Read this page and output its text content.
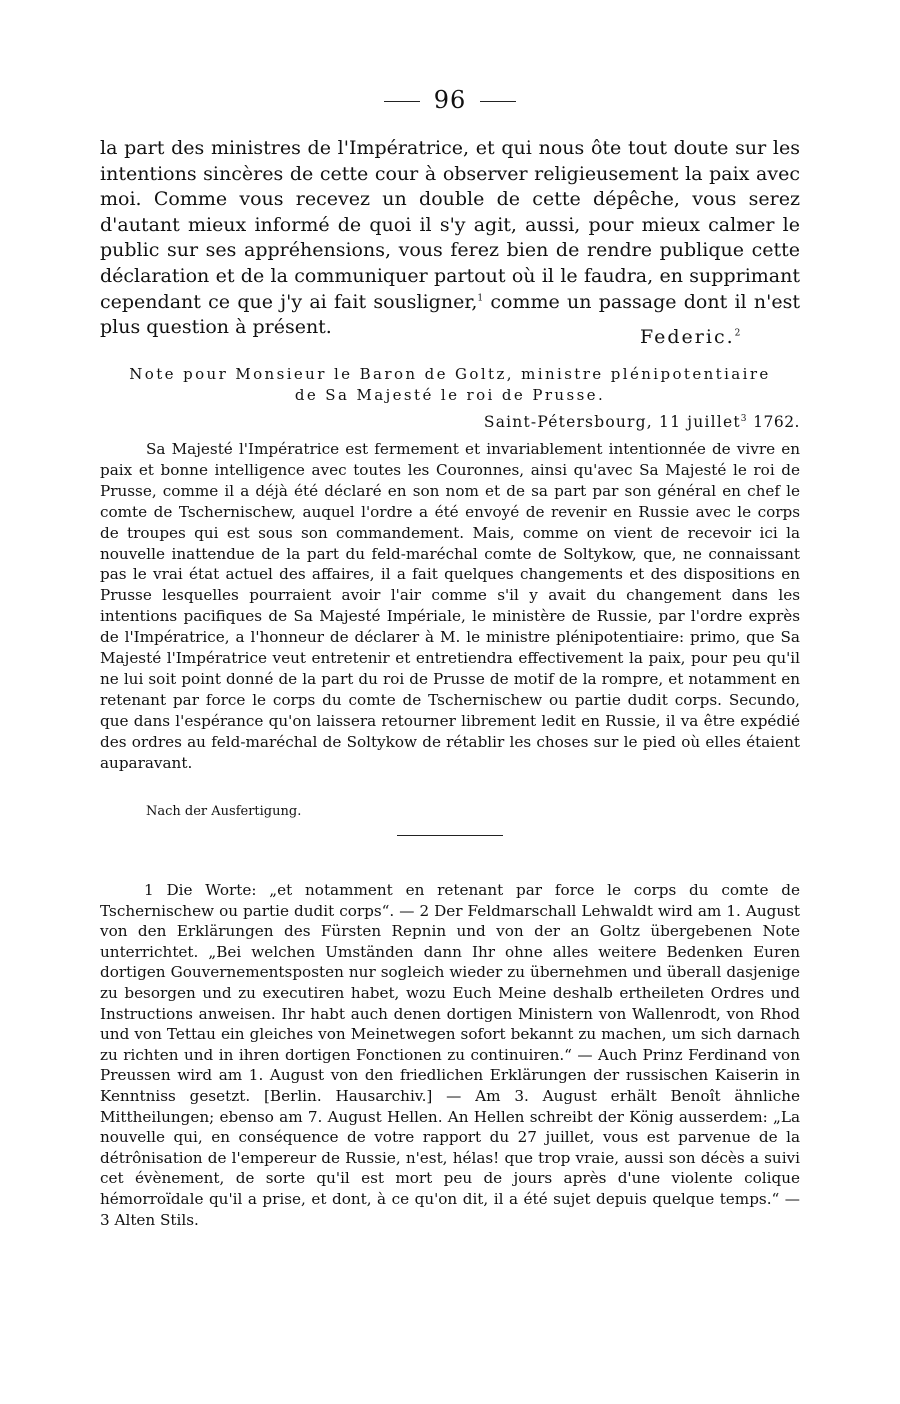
96

la part des ministres de l'Impératrice, et qui nous ôte tout doute sur les intentions sincères de cette cour à observer religieusement la paix avec moi. Comme vous recevez un double de cette dépêche, vous serez d'autant mieux informé de quoi il s'y agit, aussi, pour mieux calmer le public sur ses appréhensions, vous ferez bien de rendre publique cette déclaration et de la communiquer partout où il le faudra, en supprimant cependant ce que j'y ai fait sousligner,$^1$ comme un passage dont il n'est plus question à présent.	Federic.$^2$
Note pour Monsieur le Baron de Goltz, ministre plénipotentiaire
de Sa Majesté le roi de Prusse.
Saint-Pétersbourg, 11 juillet$^3$ 1762.

Sa Majesté l'Impératrice est fermement et invariablement intentionnée de vivre en paix et bonne intelligence avec toutes les Couronnes, ainsi qu'avec Sa Majesté le roi de Prusse, comme il a déjà été déclaré en son nom et de sa part par son général en chef le comte de Tschernischew, auquel l'ordre a été envoyé de revenir en Russie avec le corps de troupes qui est sous son commandement. Mais, comme on vient de recevoir ici la nouvelle inattendue de la part du feld-maréchal comte de Soltykow, que, ne connaissant pas le vrai état actuel des affaires, il a fait quelques changements et des dispositions en Prusse lesquelles pourraient avoir l'air comme s'il y avait du changement dans les intentions pacifiques de Sa Majesté Impériale, le ministère de Russie, par l'ordre exprès de l'Impératrice, a l'honneur de déclarer à M. le ministre plénipotentiaire: primo, que Sa Majesté l'Impératrice veut entretenir et entretiendra effectivement la paix, pour peu qu'il ne lui soit point donné de la part du roi de Prusse de motif de la rompre, et notamment en retenant par force le corps du comte de Tschernischew ou partie dudit corps. Secundo, que dans l'espérance qu'on laissera retourner librement ledit en Russie, il va être expédié des ordres au feld-maréchal de Soltykow de rétablir les choses sur le pied où elles étaient auparavant.

Nach der Ausfertigung.

1 Die Worte: „et notamment en retenant par force le corps du comte de Tschernischew ou partie dudit corps“. — 2 Der Feldmarschall Lehwaldt wird am 1. August von den Erklärungen des Fürsten Repnin und von der an Goltz übergebenen Note unterrichtet. „Bei welchen Umständen dann Ihr ohne alles weitere Bedenken Euren dortigen Gouvernementsposten nur sogleich wieder zu übernehmen und überall dasjenige zu besorgen und zu executiren habet, wozu Euch Meine deshalb ertheileten Ordres und Instructions anweisen. Ihr habt auch denen dortigen Ministern von Wallenrodt, von Rhod und von Tettau ein gleiches von Meinetwegen sofort bekannt zu machen, um sich darnach zu richten und in ihren dortigen Fonctionen zu continuiren.“ — Auch Prinz Ferdinand von Preussen wird am 1. August von den friedlichen Erklärungen der russischen Kaiserin in Kenntniss gesetzt. [Berlin. Hausarchiv.] — Am 3. August erhält Benoît ähnliche Mittheilungen; ebenso am 7. August Hellen. An Hellen schreibt der König ausserdem: „La nouvelle qui, en conséquence de votre rapport du 27 juillet, vous est parvenue de la détrônisation de l'empereur de Russie, n'est, hélas! que trop vraie, aussi son décès a suivi cet évènement, de sorte qu'il est mort peu de jours après d'une violente colique hémorroïdale qu'il a prise, et dont, à ce qu'on dit, il a été sujet depuis quelque temps.“ — 3 Alten Stils.
